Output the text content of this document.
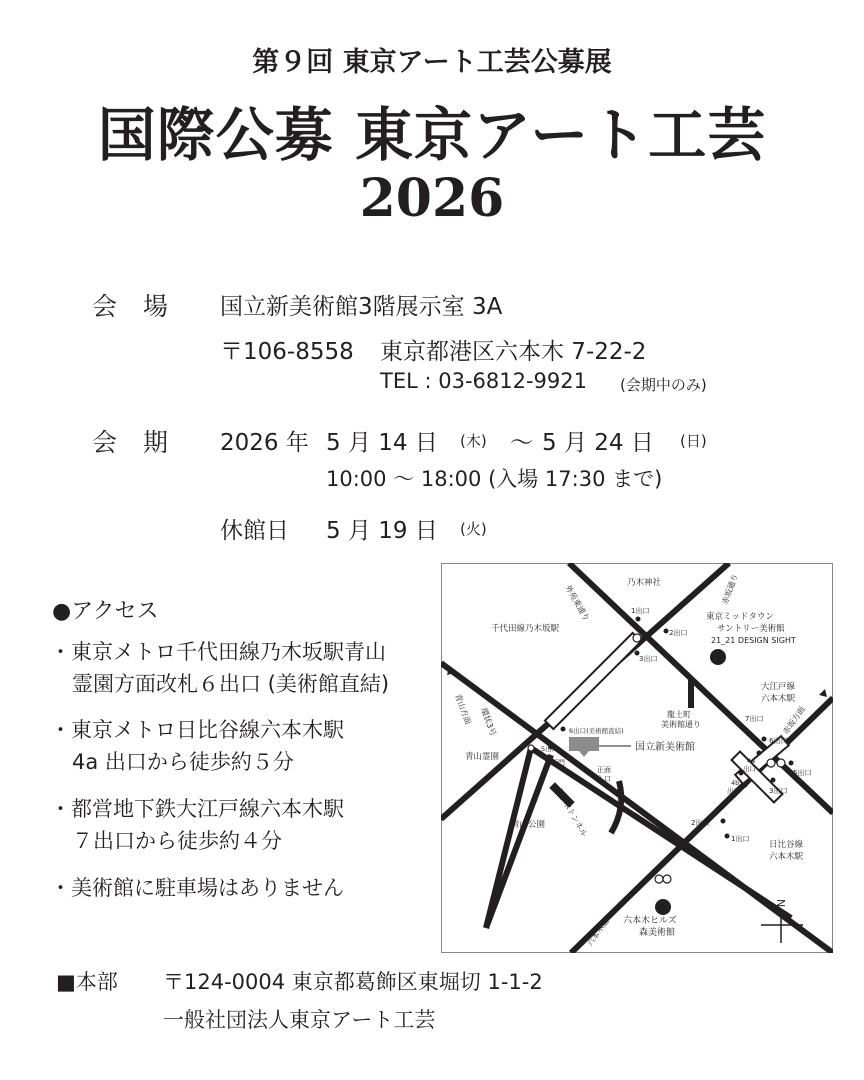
第９回 東京アート工芸公募展
国際公募 東京アート工芸
2026
会場 国立新美術館3階展示室 3A
〒106-8558 東京都港区六本木 7-22-2
TEL : 03-6812-9921 (会期中のみ)
会期 2026 年 5 月 14 日 (木) ～ 5 月 24 日 (日)
10:00 ～ 18:00 (入場 17:30 まで)
休館日 5 月 19 日 (火)
●アクセス
・東京メトロ千代田線乃木坂駅青山
霊園方面改札６出口 (美術館直結)
・東京メトロ日比谷線六本木駅
4a 出口から徒歩約５分
・都営地下鉄大江戸線六本木駅
７出口から徒歩約４分
・美術館に駐車場はありません
N
乃木神社
1出口
2出口
3出口
千代田線乃木坂駅
東京ミッドタウン
サントリー美術館
21_21 DESIGN SIGHT
大江戸線
六本木駅
龍土町
美術館通り
6出口(美術館直結)
5出口
西門
国立新美術館
正面
入口
7出口
6出口
4a
出口
4b
出口
5出口
3出口
青山霊園
青山公園	2出口
1出口
日比谷線
六本木駅
六本木ヒルズ
森美術館
外苑東通り	赤坂通り
赤坂方面
青山方面 環状3号
六本木トンネル
六本木通り
■本部 〒124-0004 東京都葛飾区東堀切 1-1-2
一般社団法人東京アート工芸
